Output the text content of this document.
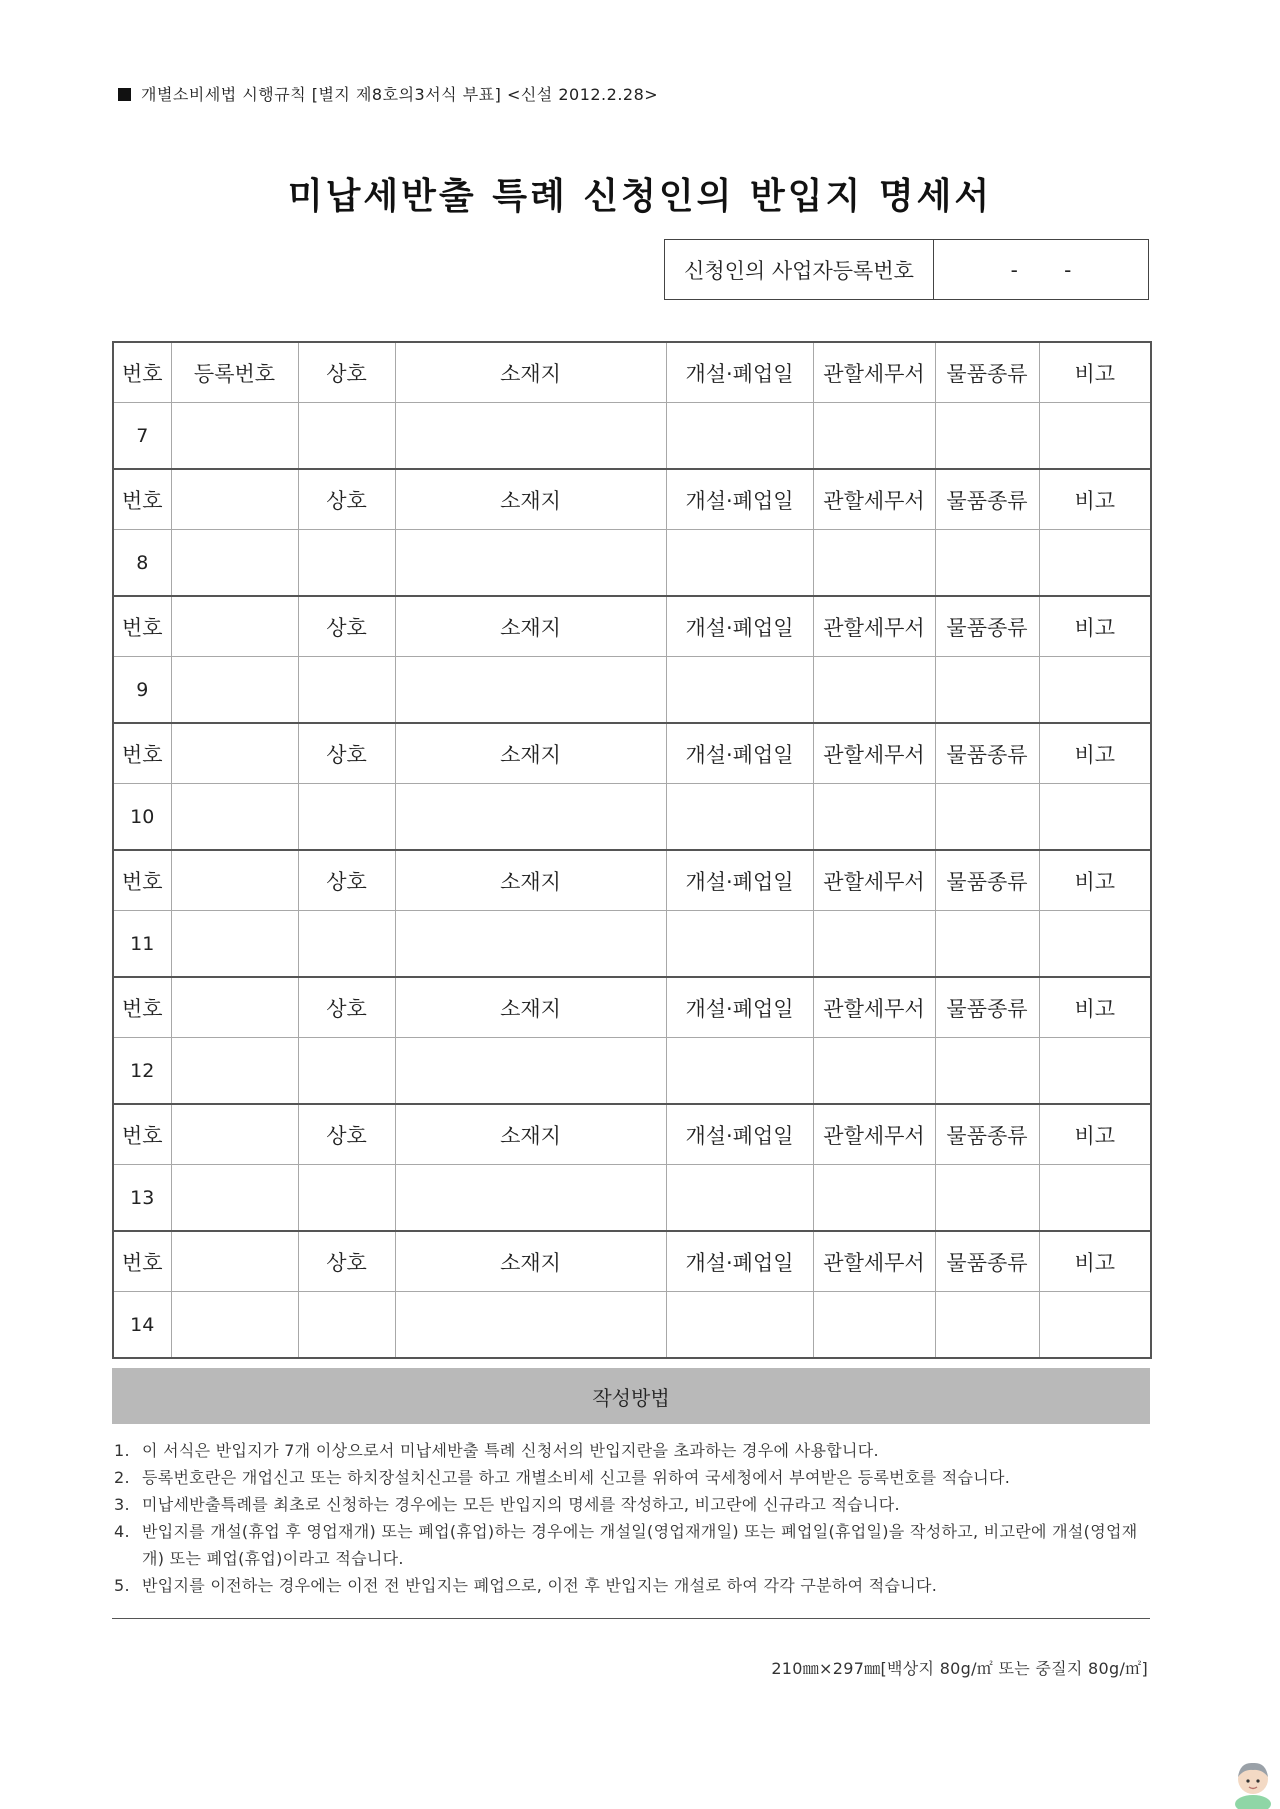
개별소비세법 시행규칙 [별지 제8호의3서식 부표] <신설 2012.2.28>
미납세반출 특례 신청인의 반입지 명세서
신청인의 사업자등록번호	- -
번호	등록번호	상호	소재지	개설·폐업일	관할세무서	물품종류	비고
7							
번호		상호	소재지	개설·폐업일	관할세무서	물품종류	비고
8							
번호		상호	소재지	개설·폐업일	관할세무서	물품종류	비고
9							
번호		상호	소재지	개설·폐업일	관할세무서	물품종류	비고
10							
번호		상호	소재지	개설·폐업일	관할세무서	물품종류	비고
11							
번호		상호	소재지	개설·폐업일	관할세무서	물품종류	비고
12							
번호		상호	소재지	개설·폐업일	관할세무서	물품종류	비고
13							
번호		상호	소재지	개설·폐업일	관할세무서	물품종류	비고
14							
작성방법
1. 이 서식은 반입지가 7개 이상으로서 미납세반출 특례 신청서의 반입지란을 초과하는 경우에 사용합니다.
2. 등록번호란은 개업신고 또는 하치장설치신고를 하고 개별소비세 신고를 위하여 국세청에서 부여받은 등록번호를 적습니다.
3. 미납세반출특례를 최초로 신청하는 경우에는 모든 반입지의 명세를 작성하고, 비고란에 신규라고 적습니다.
4. 반입지를 개설(휴업 후 영업재개) 또는 폐업(휴업)하는 경우에는 개설일(영업재개일) 또는 폐업일(휴업일)을 작성하고, 비고란에 개설(영업재개) 또는 폐업(휴업)이라고 적습니다.
5. 반입지를 이전하는 경우에는 이전 전 반입지는 폐업으로, 이전 후 반입지는 개설로 하여 각각 구분하여 적습니다.
210㎜×297㎜[백상지 80g/㎡ 또는 중질지 80g/㎡]
